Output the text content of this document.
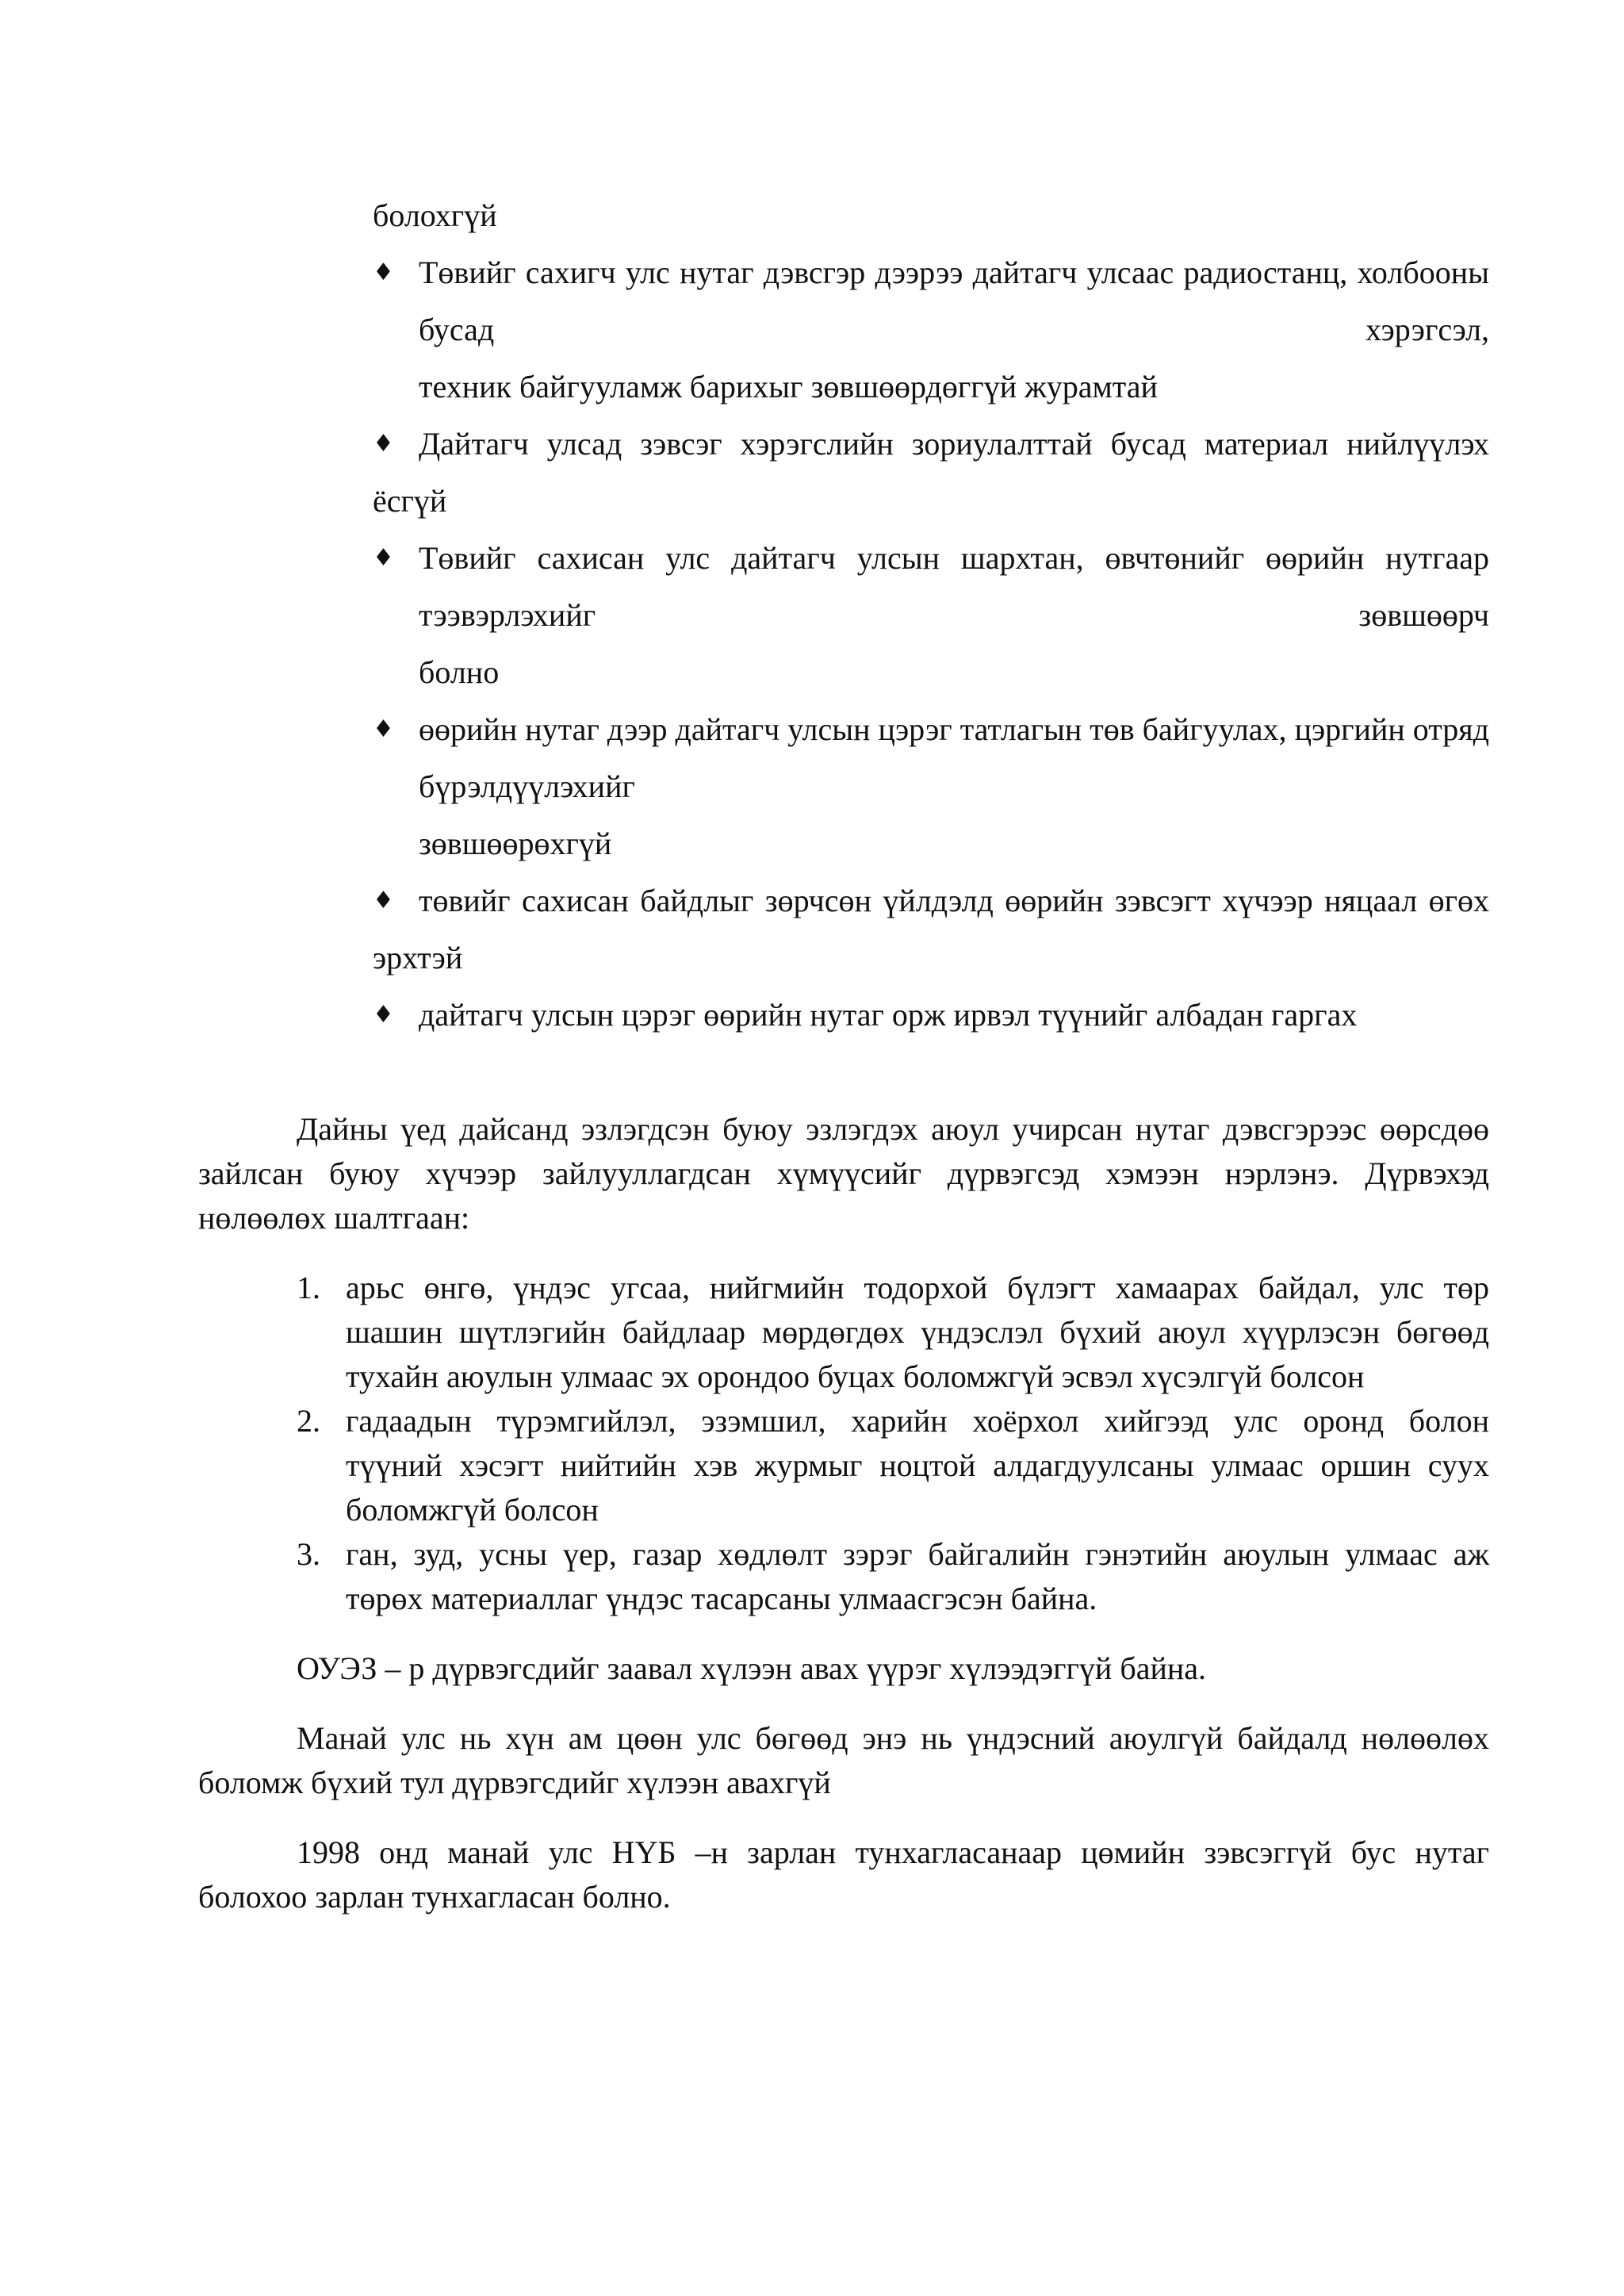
болохгүй
♦ Төвийг сахигч улс нутаг дэвсгэр дээрээ дайтагч улсаас радиостанц, холбооны
бусад	хэрэгсэл,
техник байгууламж барихыг зөвшөөрдөггүй журамтай
♦ Дайтагч улсад зэвсэг хэрэгслийн зориулалттай бусад материал нийлүүлэх
ёсгүй
♦ Төвийг сахисан улс дайтагч улсын шархтан, өвчтөнийг өөрийн нутгаар
тээвэрлэхийг	зөвшөөрч
болно
♦ өөрийн нутаг дээр дайтагч улсын цэрэг татлагын төв байгуулах, цэргийн отряд
бүрэлдүүлэхийг
зөвшөөрөхгүй
♦ төвийг сахисан байдлыг зөрчсөн үйлдэлд өөрийн зэвсэгт хүчээр няцаал өгөх
эрхтэй
♦ дайтагч улсын цэрэг өөрийн нутаг орж ирвэл түүнийг албадан гаргах
Дайны үед дайсанд эзлэгдсэн буюу эзлэгдэх аюул учирсан нутаг дэвсгэрээс өөрсдөө
зайлсан буюу хүчээр зайлууллагдсан хүмүүсийг дүрвэгсэд хэмээн нэрлэнэ. Дүрвэхэд
нөлөөлөх шалтгаан:
1. арьс өнгө, үндэс угсаа, нийгмийн тодорхой бүлэгт хамаарах байдал, улс төр
шашин шүтлэгийн байдлаар мөрдөгдөх үндэслэл бүхий аюул хүүрлэсэн бөгөөд
тухайн аюулын улмаас эх орондоо буцах боломжгүй эсвэл хүсэлгүй болсон
2. гадаадын түрэмгийлэл, эзэмшил, харийн хоёрхол хийгээд улс оронд болон
түүний хэсэгт нийтийн хэв журмыг ноцтой алдагдуулсаны улмаас оршин суух
боломжгүй болсон
3. ган, зуд, усны үер, газар хөдлөлт зэрэг байгалийн гэнэтийн аюулын улмаас аж
төрөх материаллаг үндэс тасарсаны улмаасгэсэн байна.
ОУЭЗ – р дүрвэгсдийг заавал хүлээн авах үүрэг хүлээдэггүй байна.
Манай улс нь хүн ам цөөн улс бөгөөд энэ нь үндэсний аюулгүй байдалд нөлөөлөх
боломж бүхий тул дүрвэгсдийг хүлээн авахгүй
1998 онд манай улс НҮБ –н зарлан тунхагласанаар цөмийн зэвсэггүй бус нутаг
болохоо зарлан тунхагласан болно.
